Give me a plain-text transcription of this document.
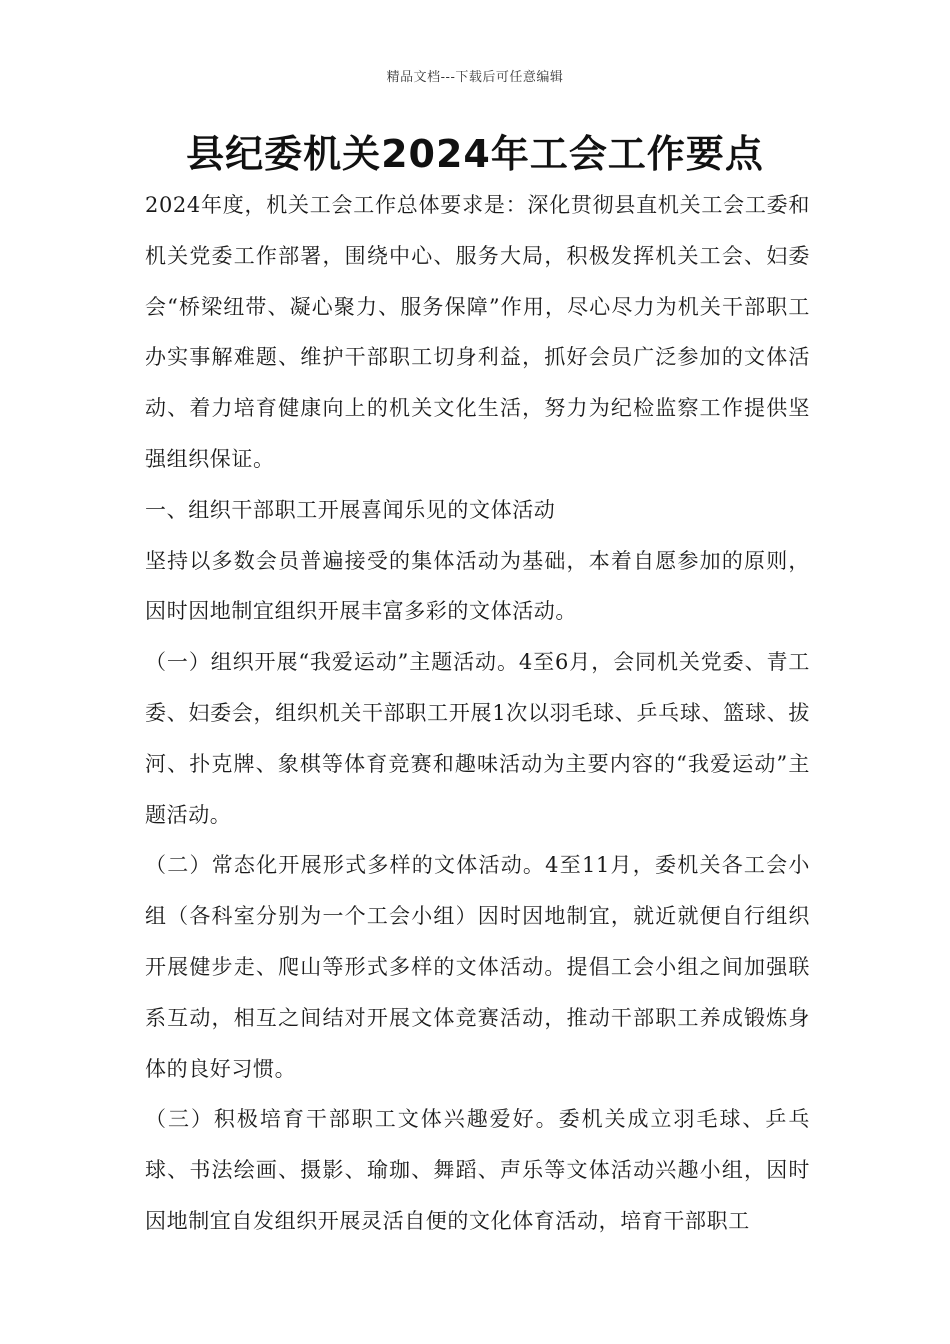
精品文档---下载后可任意编辑
县纪委机关2024年工会工作要点

2024年度，机关工会工作总体要求是：深化贯彻县直机关工会工委和机关党委工作部署，围绕中心、服务大局，积极发挥机关工会、妇委会“桥梁纽带、凝心聚力、服务保障”作用，尽心尽力为机关干部职工办实事解难题、维护干部职工切身利益，抓好会员广泛参加的文体活动、着力培育健康向上的机关文化生活，努力为纪检监察工作提供坚强组织保证。

一、组织干部职工开展喜闻乐见的文体活动

坚持以多数会员普遍接受的集体活动为基础，本着自愿参加的原则，因时因地制宜组织开展丰富多彩的文体活动。

（一）组织开展“我爱运动”主题活动。4至6月，会同机关党委、青工委、妇委会，组织机关干部职工开展1次以羽毛球、乒乓球、篮球、拔河、扑克牌、象棋等体育竞赛和趣味活动为主要内容的“我爱运动”主题活动。

（二）常态化开展形式多样的文体活动。4至11月，委机关各工会小组（各科室分别为一个工会小组）因时因地制宜，就近就便自行组织开展健步走、爬山等形式多样的文体活动。提倡工会小组之间加强联系互动，相互之间结对开展文体竞赛活动，推动干部职工养成锻炼身体的良好习惯。

（三）积极培育干部职工文体兴趣爱好。委机关成立羽毛球、乒乓球、书法绘画、摄影、瑜珈、舞蹈、声乐等文体活动兴趣小组，因时因地制宜自发组织开展灵活自便的文化体育活动，培育干部职工
